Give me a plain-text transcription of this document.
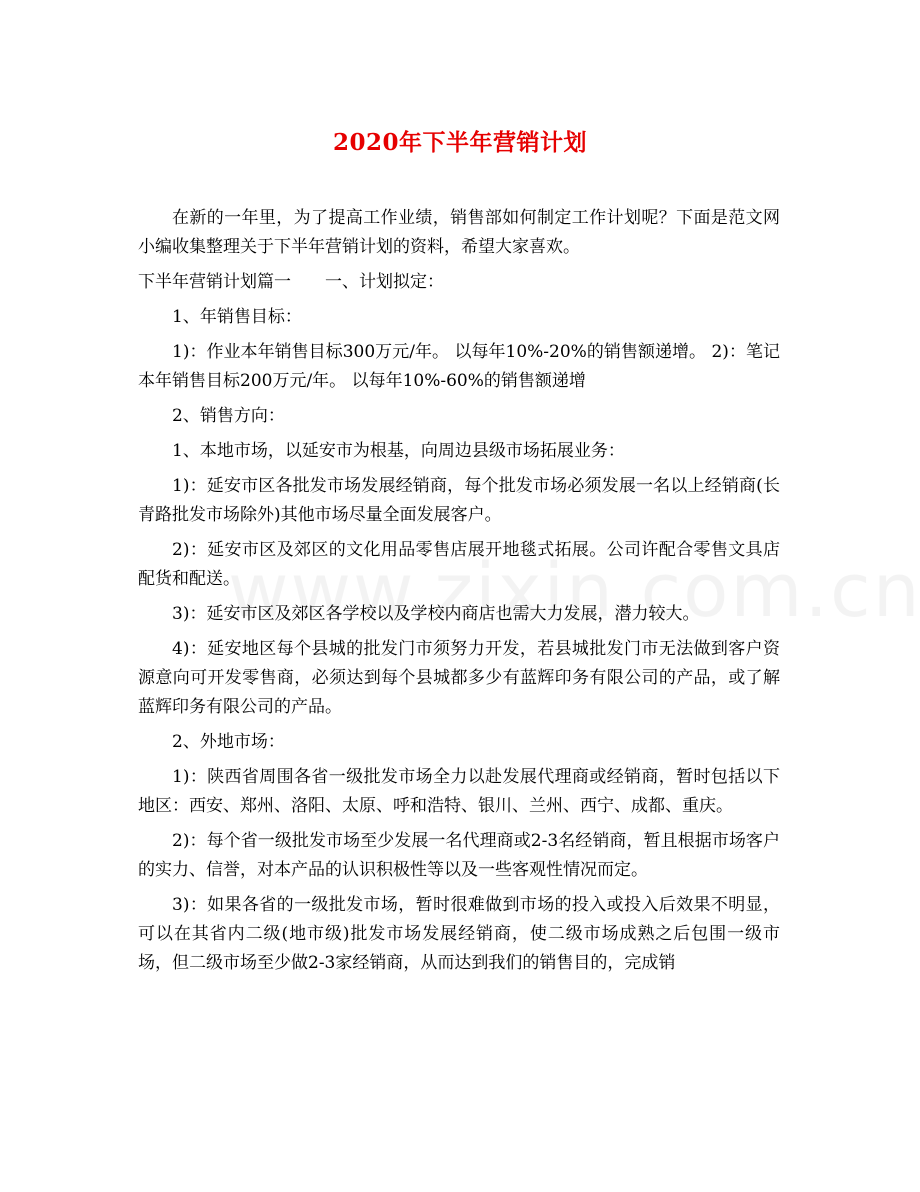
2020年下半年营销计划

在新的一年里，为了提高工作业绩，销售部如何制定工作计划呢？下面是范文网小编收集整理关于下半年营销计划的资料，希望大家喜欢。

下半年营销计划篇一　　一、计划拟定：

1、年销售目标：

1)：作业本年销售目标300万元/年。 以每年10%-20%的销售额递增。 2)：笔记本年销售目标200万元/年。 以每年10%-60%的销售额递增

2、销售方向：

1、本地市场，以延安市为根基，向周边县级市场拓展业务：

1)：延安市区各批发市场发展经销商，每个批发市场必须发展一名以上经销商(长青路批发市场除外)其他市场尽量全面发展客户。

2)：延安市区及郊区的文化用品零售店展开地毯式拓展。公司许配合零售文具店配货和配送。

3)：延安市区及郊区各学校以及学校内商店也需大力发展，潜力较大。

4)：延安地区每个县城的批发门市须努力开发，若县城批发门市无法做到客户资源意向可开发零售商，必须达到每个县城都多少有蓝辉印务有限公司的产品，或了解蓝辉印务有限公司的产品。

2、外地市场：

1)：陕西省周围各省一级批发市场全力以赴发展代理商或经销商，暂时包括以下地区：西安、郑州、洛阳、太原、呼和浩特、银川、兰州、西宁、成都、重庆。

2)：每个省一级批发市场至少发展一名代理商或2-3名经销商，暂且根据市场客户的实力、信誉，对本产品的认识积极性等以及一些客观性情况而定。

3)：如果各省的一级批发市场，暂时很难做到市场的投入或投入后效果不明显，可以在其省内二级(地市级)批发市场发展经销商，使二级市场成熟之后包围一级市场，但二级市场至少做2-3家经销商，从而达到我们的销售目的，完成销
